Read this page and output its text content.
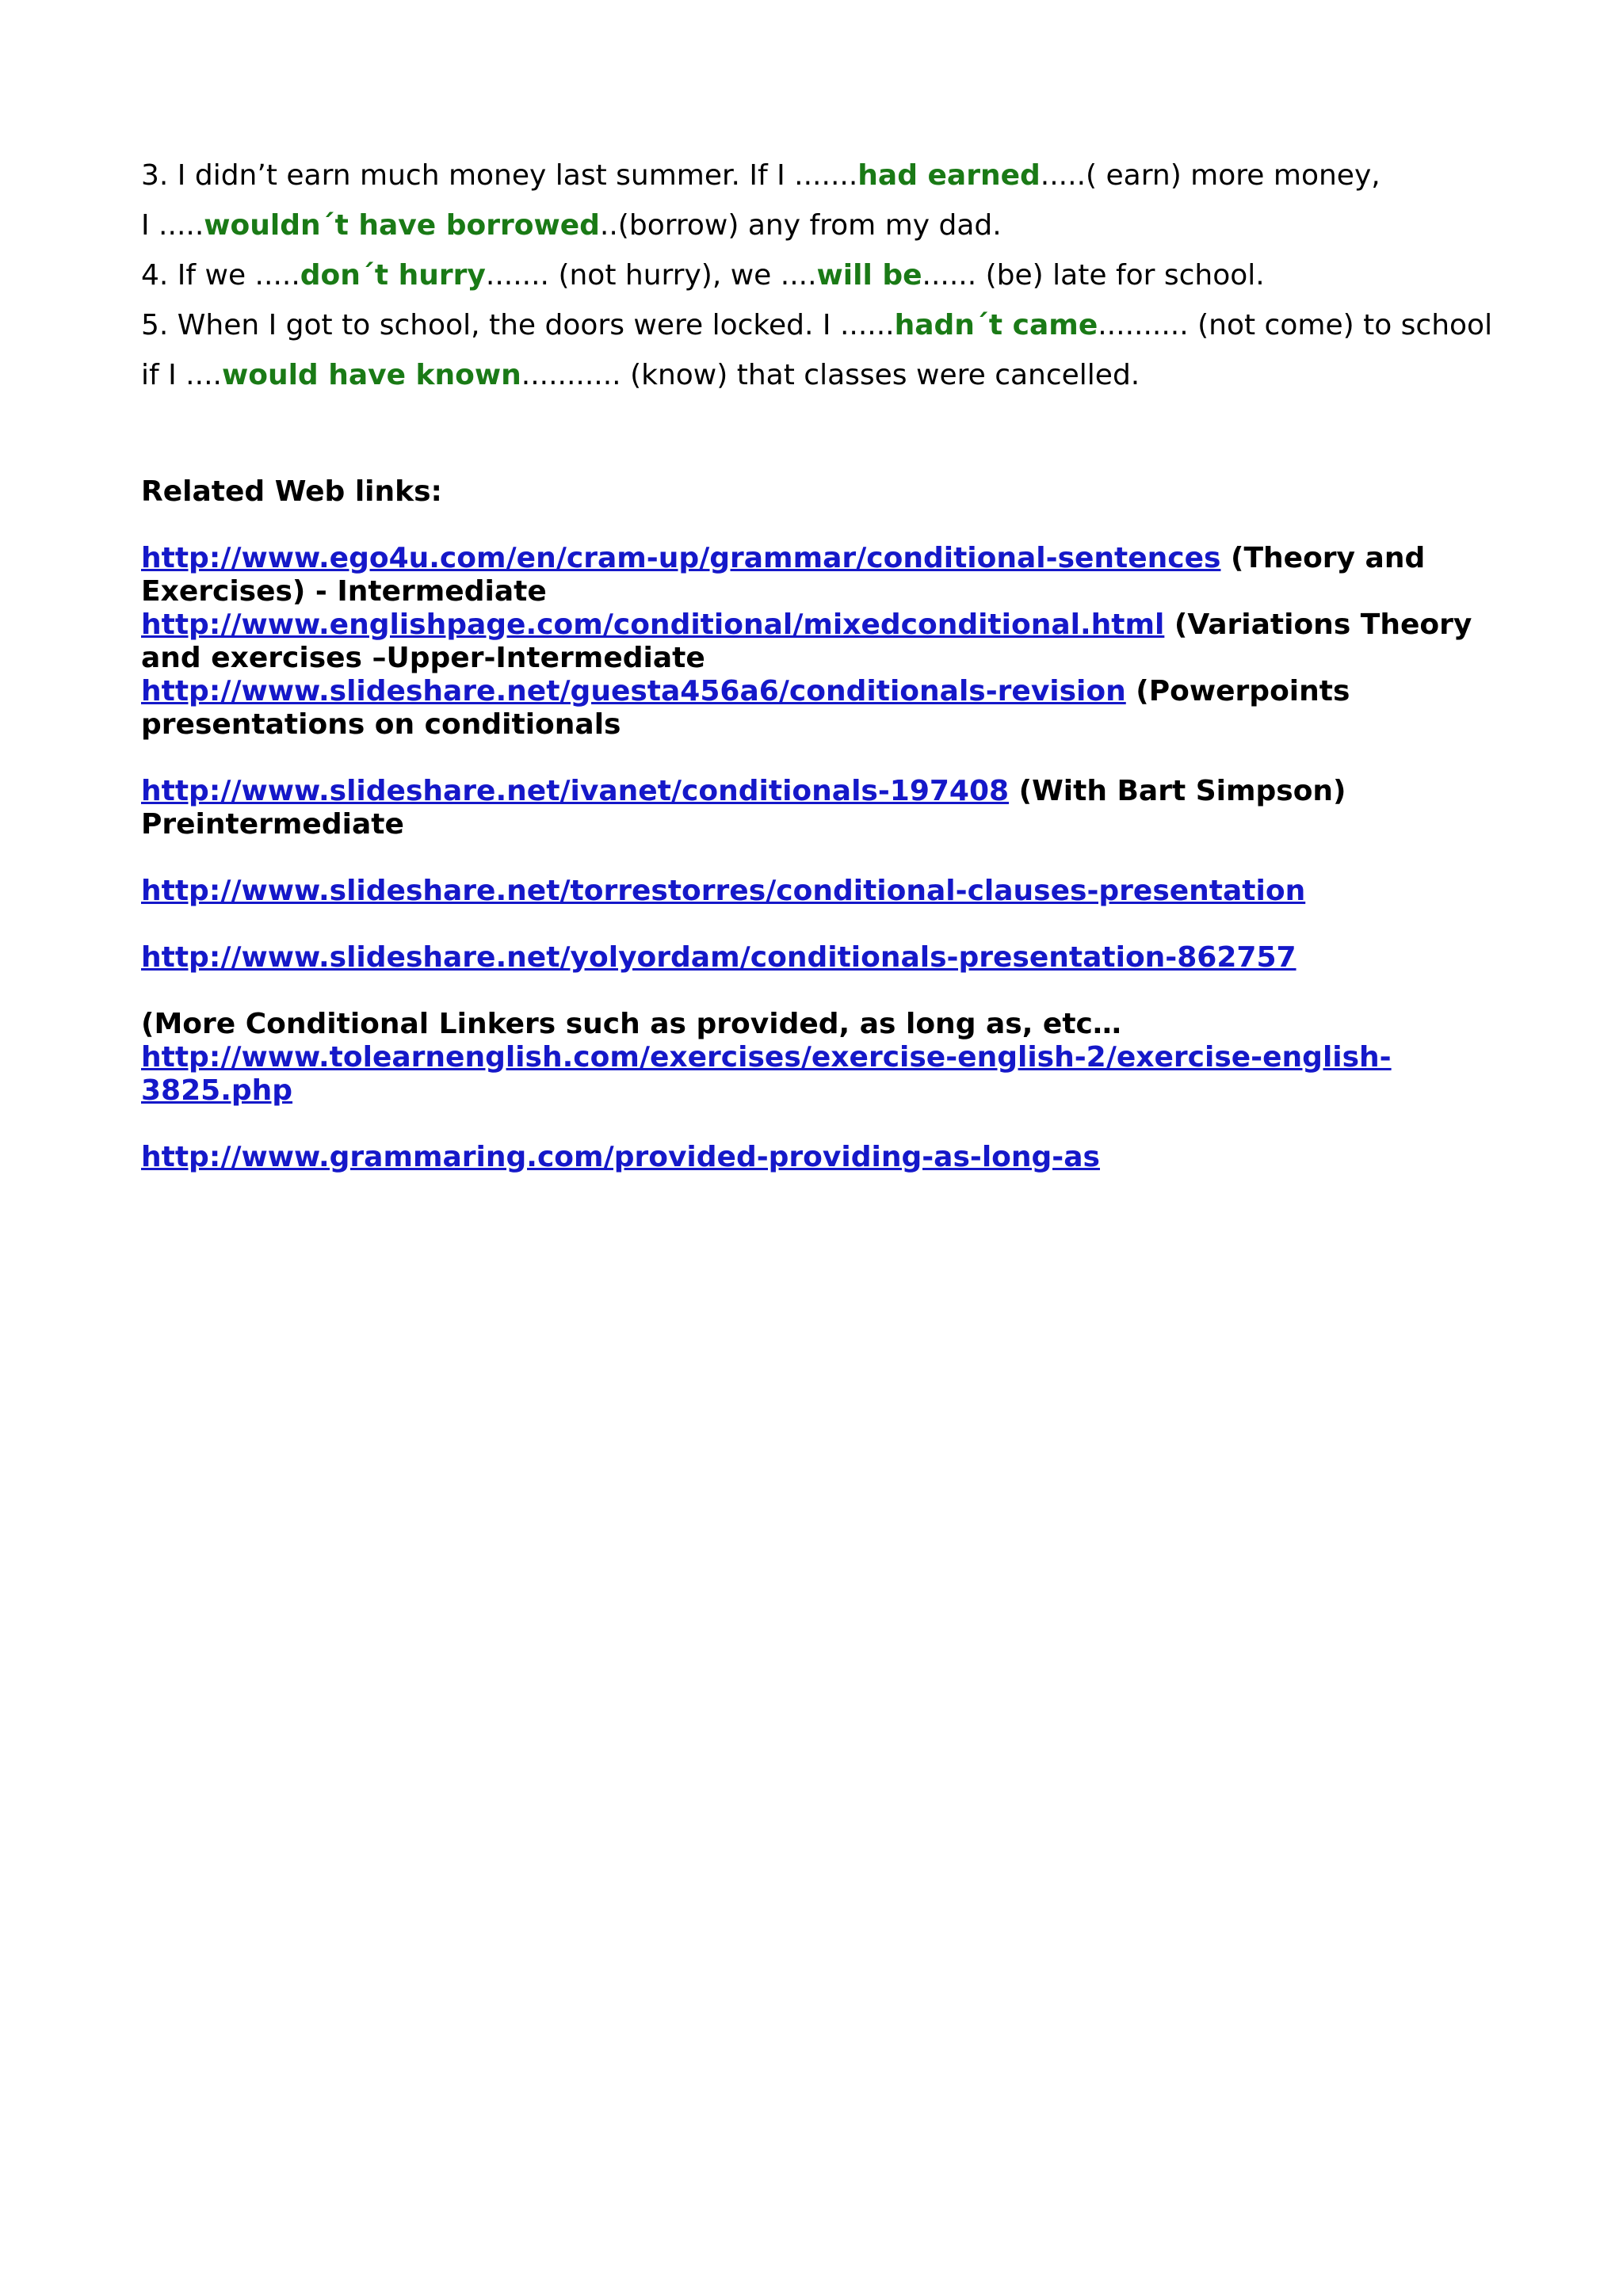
3. I didn’t earn much money last summer. If I .......had earned.....( earn) more money,
I .....wouldn´t have borrowed..(borrow) any from my dad.
4. If we .....don´t hurry....... (not hurry), we ....will be...... (be) late for school.
5. When I got to school, the doors were locked. I ......hadn´t came.......... (not come) to school
if I ....would have known........... (know) that classes were cancelled.

Related Web links:

http://www.ego4u.com/en/cram-up/grammar/conditional-sentences (Theory and Exercises) - Intermediate

http://www.englishpage.com/conditional/mixedconditional.html (Variations Theory and exercises –Upper-Intermediate

http://www.slideshare.net/guesta456a6/conditionals-revision (Powerpoints presentations on conditionals

http://www.slideshare.net/ivanet/conditionals-197408 (With Bart Simpson) Preintermediate

http://www.slideshare.net/torrestorres/conditional-clauses-presentation

http://www.slideshare.net/yolyordam/conditionals-presentation-862757

(More Conditional Linkers such as provided, as long as, etc…

http://www.tolearnenglish.com/exercises/exercise-english-2/exercise-english-3825.php

http://www.grammaring.com/provided-providing-as-long-as
